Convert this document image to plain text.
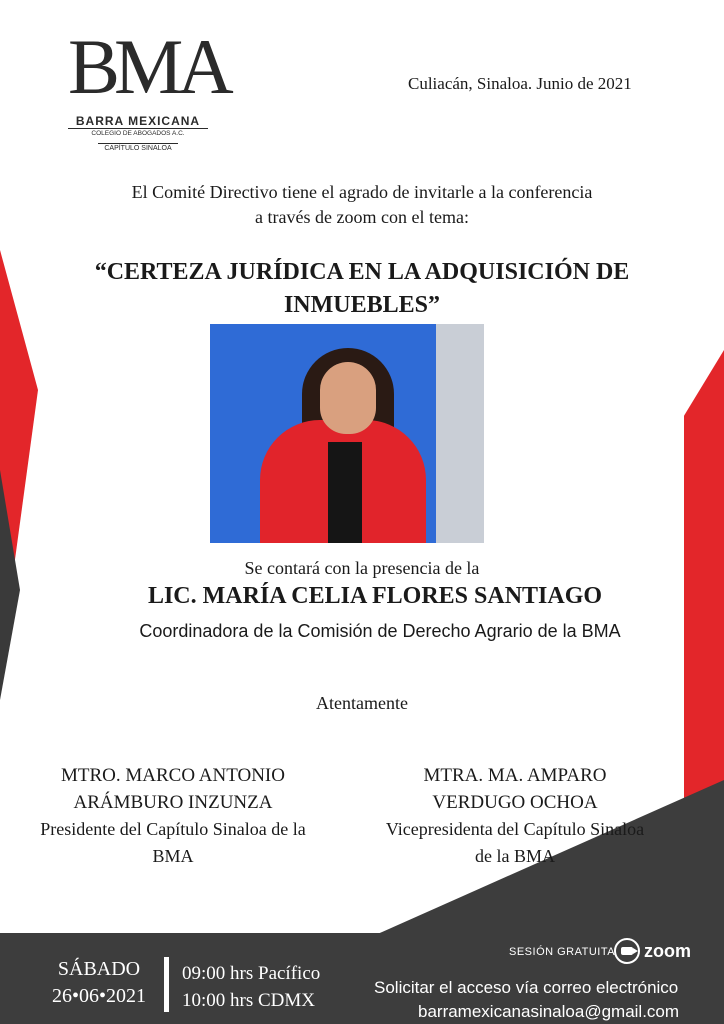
BMA
BARRA MEXICANA
COLEGIO DE ABOGADOS A.C.
CAPÍTULO SINALOA
Culiacán, Sinaloa. Junio de 2021
El Comité Directivo tiene el agrado de invitarle a la conferencia
a través de zoom con el tema:
“CERTEZA JURÍDICA EN LA ADQUISICIÓN DE
INMUEBLES”
Se contará con la presencia de la
LIC. MARÍA CELIA FLORES SANTIAGO
Coordinadora de la Comisión de Derecho Agrario de la BMA
Atentamente
MTRO. MARCO ANTONIO
ARÁMBURO INZUNZA
Presidente del Capítulo Sinaloa de la
BMA
MTRA. MA. AMPARO
VERDUGO OCHOA
Vicepresidenta del Capítulo Sinaloa
de la BMA
SÁBADO
26•06•2021
09:00 hrs Pacífico
10:00 hrs CDMX
SESIÓN GRATUITA zoom
Solicitar el acceso vía correo electrónico
barramexicanasinaloa@gmail.com
